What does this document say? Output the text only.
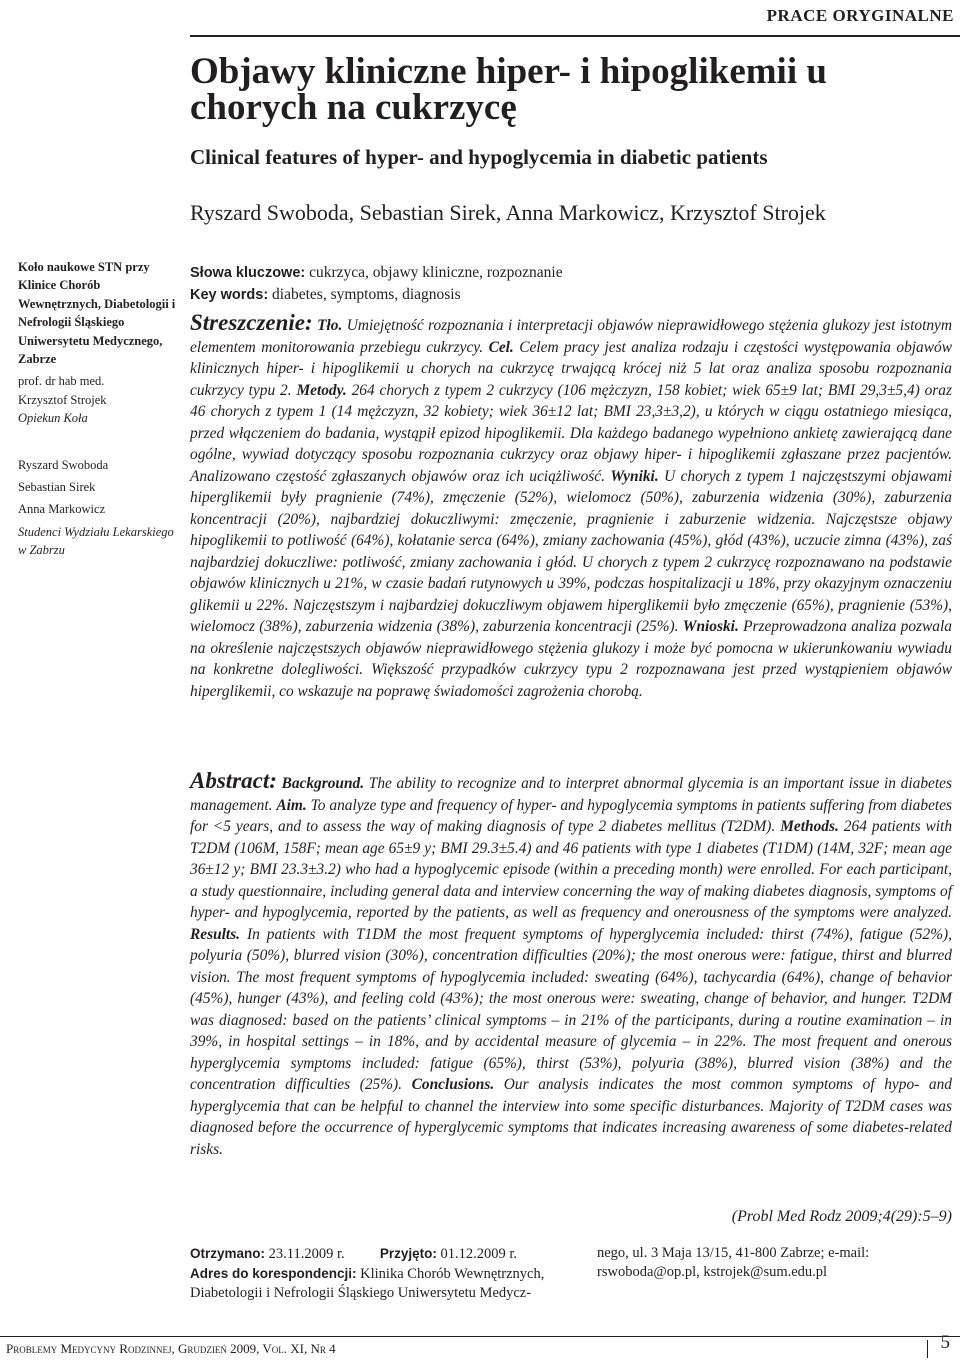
PRACE ORYGINALNE
Objawy kliniczne hiper- i hipoglikemii u chorych na cukrzycę
Clinical features of hyper- and hypoglycemia in diabetic patients
Ryszard Swoboda, Sebastian Sirek, Anna Markowicz, Krzysztof Strojek
Koło naukowe STN przy Klinice Chorób Wewnętrznych, Diabetologii i Nefrologii Śląskiego Uniwersytetu Medycznego, Zabrze
prof. dr hab med.
Krzysztof Strojek
Opiekun Koła
Ryszard Swoboda
Sebastian Sirek
Anna Markowicz
Studenci Wydziału Lekarskiego w Zabrzu
Słowa kluczowe: cukrzyca, objawy kliniczne, rozpoznanie
Key words: diabetes, symptoms, diagnosis
Streszczenie: Tło. Umiejętność rozpoznania i interpretacji objawów nieprawidłowego stężenia glukozy jest istotnym elementem monitorowania przebiegu cukrzycy. Cel. Celem pracy jest analiza rodzaju i częstości występowania objawów klinicznych hiper- i hipoglikemii u chorych na cukrzycę trwającą krócej niż 5 lat oraz analiza sposobu rozpoznania cukrzycy typu 2. Metody. 264 chorych z typem 2 cukrzycy (106 mężczyzn, 158 kobiet; wiek 65±9 lat; BMI 29,3±5,4) oraz 46 chorych z typem 1 (14 mężczyzn, 32 kobiety; wiek 36±12 lat; BMI 23,3±3,2), u których w ciągu ostatniego miesiąca, przed włączeniem do badania, wystąpił epizod hipoglikemii. Dla każdego badanego wypełniono ankietę zawierającą dane ogólne, wywiad dotyczący sposobu rozpoznania cukrzycy oraz objawy hiper- i hipoglikemii zgłaszane przez pacjentów. Analizowano częstość zgłaszanych objawów oraz ich uciążliwość. Wyniki. U chorych z typem 1 najczęstszymi objawami hiperglikemii były pragnienie (74%), zmęczenie (52%), wielomocz (50%), zaburzenia widzenia (30%), zaburzenia koncentracji (20%), najbardziej dokuczliwymi: zmęczenie, pragnienie i zaburzenie widzenia. Najczęstsze objawy hipoglikemii to potliwość (64%), kołatanie serca (64%), zmiany zachowania (45%), głód (43%), uczucie zimna (43%), zaś najbardziej dokuczliwe: potliwość, zmiany zachowania i głód. U chorych z typem 2 cukrzycę rozpoznawano na podstawie objawów klinicznych u 21%, w czasie badań rutynowych u 39%, podczas hospitalizacji u 18%, przy okazyjnym oznaczeniu glikemii u 22%. Najczęstszym i najbardziej dokuczliwym objawem hiperglikemii było zmęczenie (65%), pragnienie (53%), wielomocz (38%), zaburzenia widzenia (38%), zaburzenia koncentracji (25%). Wnioski. Przeprowadzona analiza pozwala na określenie najczęstszych objawów nieprawidłowego stężenia glukozy i może być pomocna w ukierunkowaniu wywiadu na konkretne dolegliwości. Większość przypadków cukrzycy typu 2 rozpoznawana jest przed wystąpieniem objawów hiperglikemii, co wskazuje na poprawę świadomości zagrożenia chorobą.
Abstract: Background. The ability to recognize and to interpret abnormal glycemia is an important issue in diabetes management. Aim. To analyze type and frequency of hyper- and hypoglycemia symptoms in patients suffering from diabetes for <5 years, and to assess the way of making diagnosis of type 2 diabetes mellitus (T2DM). Methods. 264 patients with T2DM (106M, 158F; mean age 65±9 y; BMI 29.3±5.4) and 46 patients with type 1 diabetes (T1DM) (14M, 32F; mean age 36±12 y; BMI 23.3±3.2) who had a hypoglycemic episode (within a preceding month) were enrolled. For each participant, a study questionnaire, including general data and interview concerning the way of making diabetes diagnosis, symptoms of hyper- and hypoglycemia, reported by the patients, as well as frequency and onerousness of the symptoms were analyzed. Results. In patients with T1DM the most frequent symptoms of hyperglycemia included: thirst (74%), fatigue (52%), polyuria (50%), blurred vision (30%), concentration difficulties (20%); the most onerous were: fatigue, thirst and blurred vision. The most frequent symptoms of hypoglycemia included: sweating (64%), tachycardia (64%), change of behavior (45%), hunger (43%), and feeling cold (43%); the most onerous were: sweating, change of behavior, and hunger. T2DM was diagnosed: based on the patients’ clinical symptoms – in 21% of the participants, during a routine examination – in 39%, in hospital settings – in 18%, and by accidental measure of glycemia – in 22%. The most frequent and onerous hyperglycemia symptoms included: fatigue (65%), thirst (53%), polyuria (38%), blurred vision (38%) and the concentration difficulties (25%). Conclusions. Our analysis indicates the most common symptoms of hypo- and hyperglycemia that can be helpful to channel the interview into some specific disturbances. Majority of T2DM cases was diagnosed before the occurrence of hyperglycemic symptoms that indicates increasing awareness of some diabetes-related risks.
(Probl Med Rodz 2009;4(29):5–9)
Otrzymano: 23.11.2009 r.	Przyjęto: 01.12.2009 r.
Adres do korespondencji: Klinika Chorób Wewnętrznych, Diabetologii i Nefrologii Śląskiego Uniwersytetu Medycz-
nego, ul. 3 Maja 13/15, 41-800 Zabrze; e-mail: rswoboda@op.pl, kstrojek@sum.edu.pl
Problemy Medycyny Rodzinnej, Grudzień 2009, Vol. XI, Nr 4	5
